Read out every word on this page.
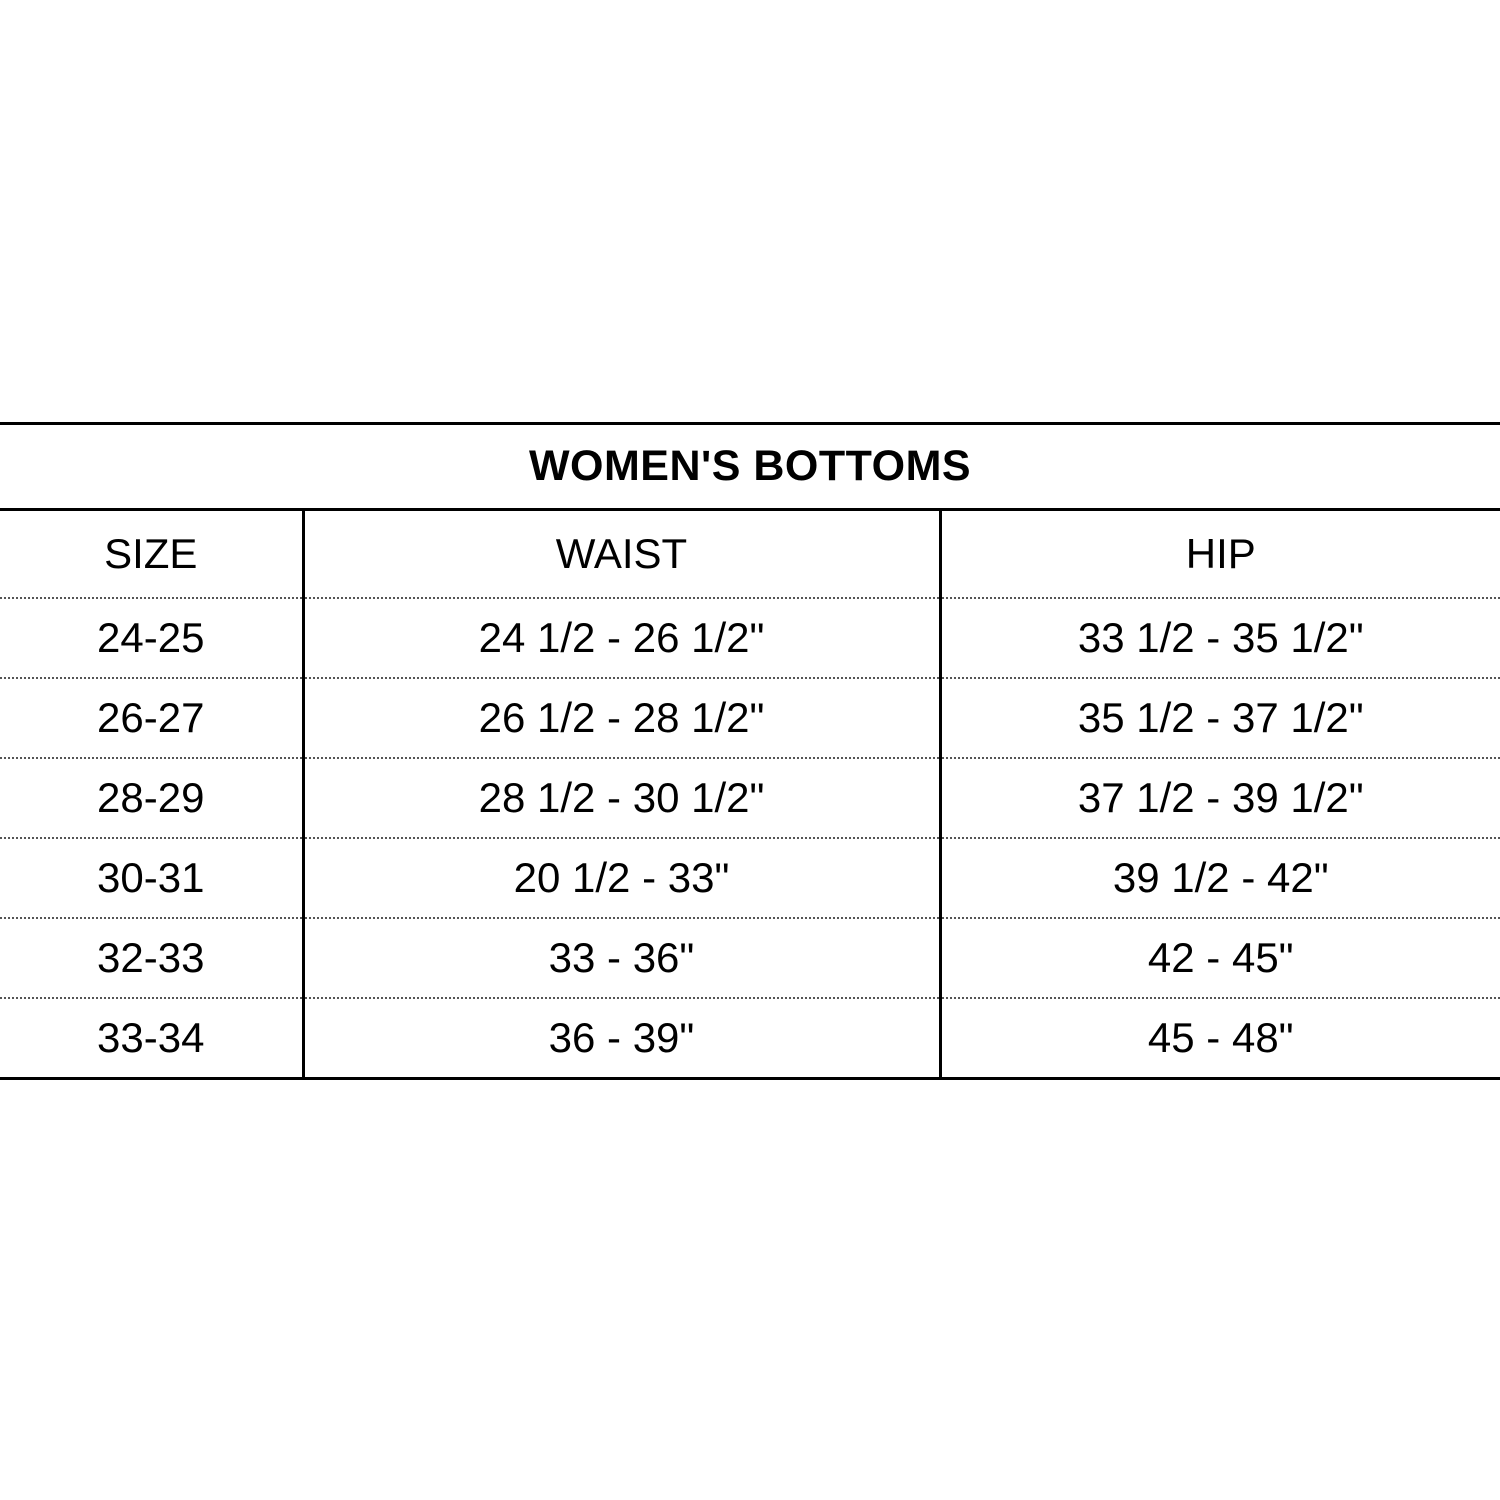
WOMEN'S BOTTOMS		
SIZE	WAIST	HIP
24-25	24 1/2 - 26 1/2"	33 1/2 - 35 1/2"
26-27	26 1/2 - 28 1/2"	35 1/2 - 37 1/2"
28-29	28 1/2 - 30 1/2"	37 1/2 - 39 1/2"
30-31	20 1/2 - 33"	39 1/2 - 42"
32-33	33 - 36"	42 - 45"
33-34	36 - 39"	45 - 48"
